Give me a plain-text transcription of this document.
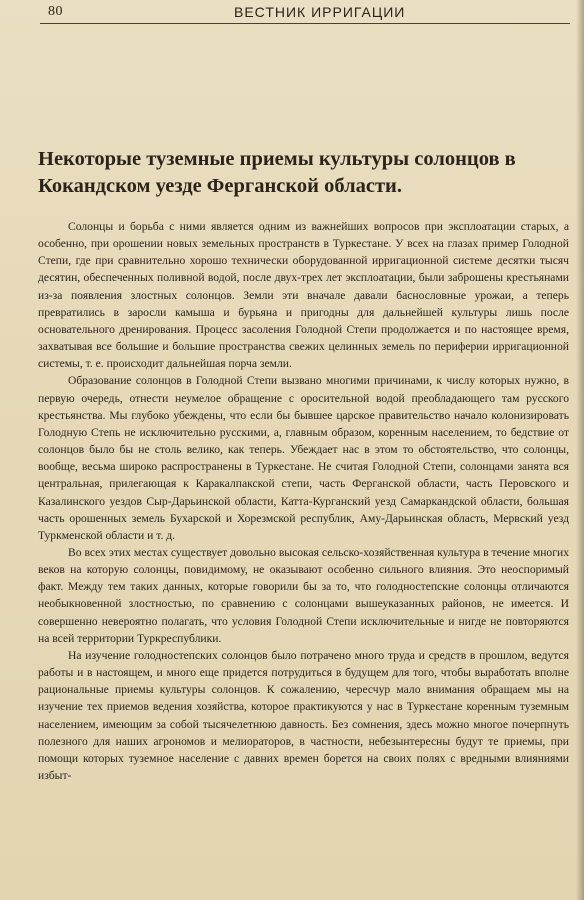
80	ВЕСТНИК ИРРИГАЦИИ
Некоторые туземные приемы культуры солонцов в Кокандском уезде Ферганской области.

Солонцы и борьба с ними является одним из важнейших вопросов при эксплоатации старых, а особенно, при орошении новых земельных пространств в Туркестане. У всех на глазах пример Голодной Степи, где при сравнительно хорошо технически оборудованной ирригационной системе десятки тысяч десятин, обеспеченных поливной водой, после двух-трех лет эксплоатации, были заброшены крестьянами из-за появления злостных солонцов. Земли эти вначале давали баснословные урожаи, а теперь превратились в заросли камыша и бурьяна и пригодны для дальнейшей культуры лишь после основательного дренирования. Процесс засоления Голодной Степи продолжается и по настоящее время, захватывая все большие и большие пространства свежих целинных земель по периферии ирригационной системы, т. е. происходит дальнейшая порча земли.

Образование солонцов в Голодной Степи вызвано многими причинами, к числу которых нужно, в первую очередь, отнести неумелое обращение с оросительной водой преобладающего там русского крестьянства. Мы глубоко убеждены, что если бы бывшее царское правительство начало колонизировать Голодную Степь не исключительно русскими, а, главным образом, коренным населением, то бедствие от солонцов было бы не столь велико, как теперь. Убеждает нас в этом то обстоятельство, что солонцы, вообще, весьма широко распространены в Туркестане. Не считая Голодной Степи, солонцами занята вся центральная, прилегающая к Каракалпакской степи, часть Ферганской области, часть Перовского и Казалинского уездов Сыр-Дарьинской области, Катта-Курганский уезд Самаркандской области, большая часть орошенных земель Бухарской и Хорезмской республик, Аму-Дарьинская область, Мервский уезд Туркменской области и т. д.

Во всех этих местах существует довольно высокая сельско-хозяйственная культура в течение многих веков на которую солонцы, повидимому, не оказывают особенно сильного влияния. Это неоспоримый факт. Между тем таких данных, которые говорили бы за то, что голодностепские солонцы отличаются необыкновенной злостностью, по сравнению с солонцами вышеуказанных районов, не имеется. И совершенно невероятно полагать, что условия Голодной Степи исключительные и нигде не повторяются на всей территории Туркреспублики.

На изучение голодностепских солонцов было потрачено много труда и средств в прошлом, ведутся работы и в настоящем, и много еще придется потрудиться в будущем для того, чтобы выработать вполне рациональные приемы культуры солонцов. К сожалению, чересчур мало внимания обращаем мы на изучение тех приемов ведения хозяйства, которое практикуются у нас в Туркестане коренным туземным населением, имеющим за собой тысячелетнюю давность. Без сомнения, здесь можно многое почерпнуть полезного для наших агрономов и мелиораторов, в частности, небезынтересны будут те приемы, при помощи которых туземное население с давних времен борется на своих полях с вредными влияниями избыт-
